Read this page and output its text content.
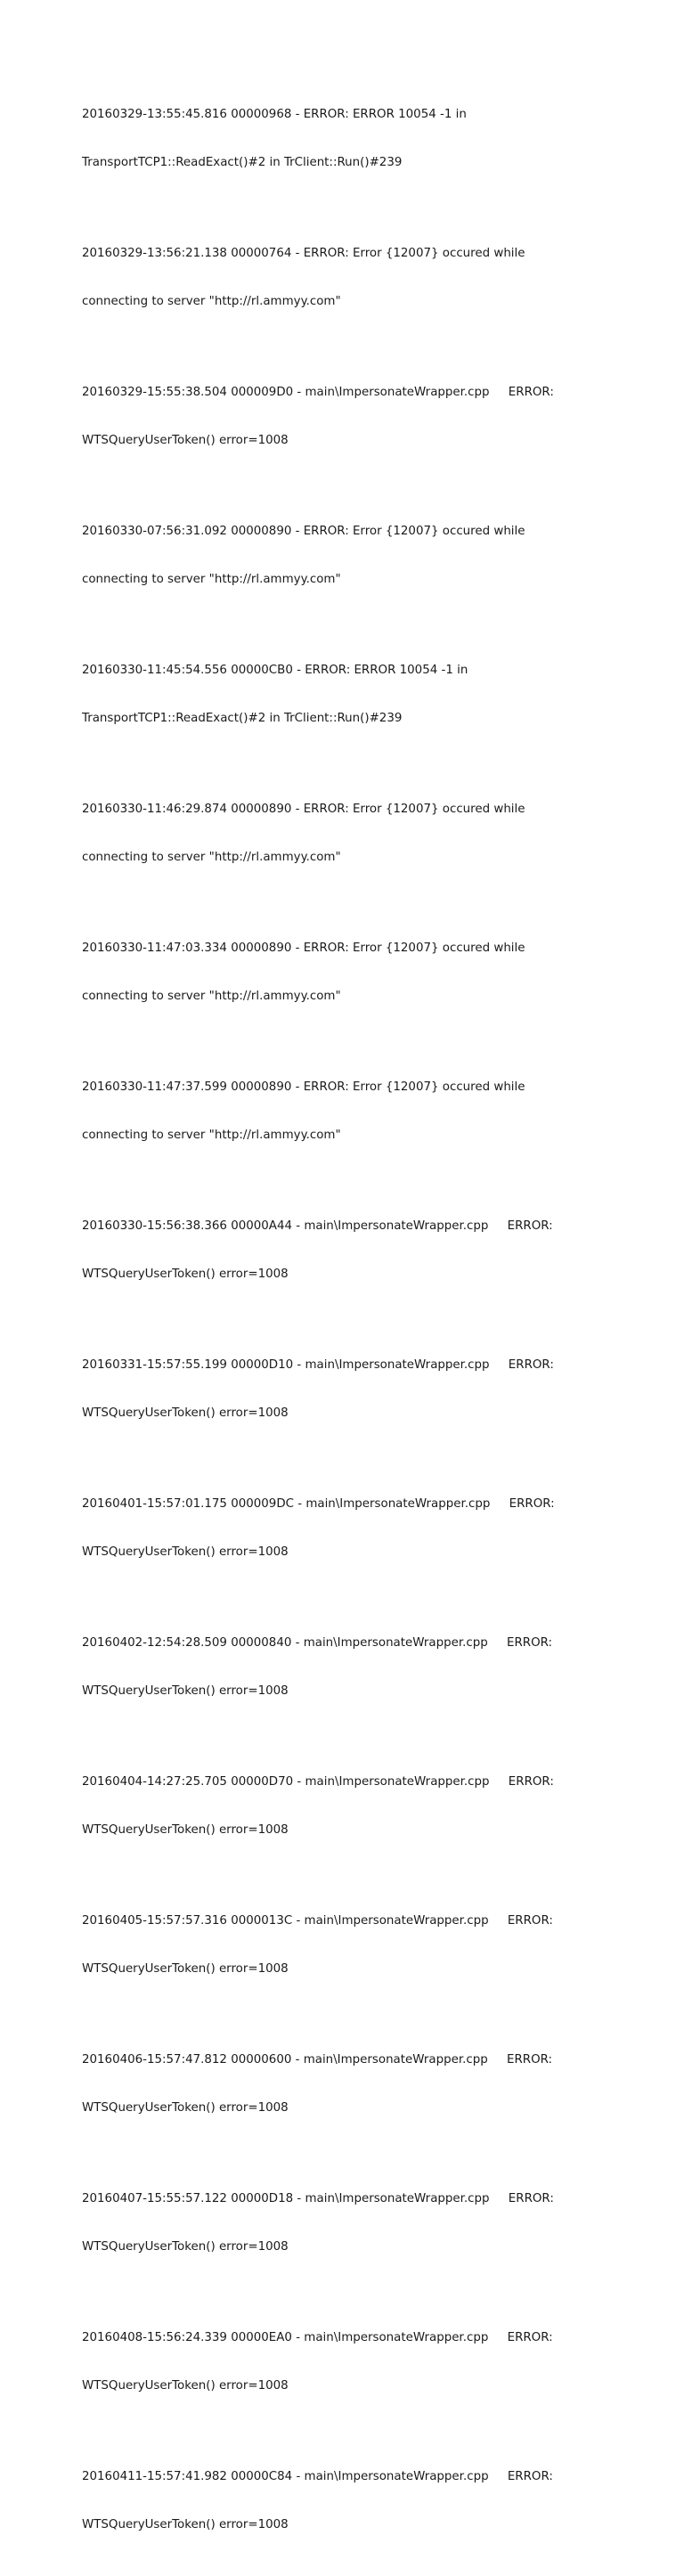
20160329-13:55:45.816 00000968 - ERROR: ERROR 10054 -1 in

TransportTCP1::ReadExact()#2 in TrClient::Run()#239

20160329-13:56:21.138 00000764 - ERROR: Error {12007} occured while

connecting to server "http://rl.ammyy.com"

20160329-15:55:38.504 000009D0 - main\ImpersonateWrapper.cpp     ERROR:

WTSQueryUserToken() error=1008

20160330-07:56:31.092 00000890 - ERROR: Error {12007} occured while

connecting to server "http://rl.ammyy.com"

20160330-11:45:54.556 00000CB0 - ERROR: ERROR 10054 -1 in

TransportTCP1::ReadExact()#2 in TrClient::Run()#239

20160330-11:46:29.874 00000890 - ERROR: Error {12007} occured while

connecting to server "http://rl.ammyy.com"

20160330-11:47:03.334 00000890 - ERROR: Error {12007} occured while

connecting to server "http://rl.ammyy.com"

20160330-11:47:37.599 00000890 - ERROR: Error {12007} occured while

connecting to server "http://rl.ammyy.com"

20160330-15:56:38.366 00000A44 - main\ImpersonateWrapper.cpp     ERROR:

WTSQueryUserToken() error=1008

20160331-15:57:55.199 00000D10 - main\ImpersonateWrapper.cpp     ERROR:

WTSQueryUserToken() error=1008

20160401-15:57:01.175 000009DC - main\ImpersonateWrapper.cpp     ERROR:

WTSQueryUserToken() error=1008

20160402-12:54:28.509 00000840 - main\ImpersonateWrapper.cpp     ERROR:

WTSQueryUserToken() error=1008

20160404-14:27:25.705 00000D70 - main\ImpersonateWrapper.cpp     ERROR:

WTSQueryUserToken() error=1008

20160405-15:57:57.316 0000013C - main\ImpersonateWrapper.cpp     ERROR:

WTSQueryUserToken() error=1008

20160406-15:57:47.812 00000600 - main\ImpersonateWrapper.cpp     ERROR:

WTSQueryUserToken() error=1008

20160407-15:55:57.122 00000D18 - main\ImpersonateWrapper.cpp     ERROR:

WTSQueryUserToken() error=1008

20160408-15:56:24.339 00000EA0 - main\ImpersonateWrapper.cpp     ERROR:

WTSQueryUserToken() error=1008

20160411-15:57:41.982 00000C84 - main\ImpersonateWrapper.cpp     ERROR:

WTSQueryUserToken() error=1008
